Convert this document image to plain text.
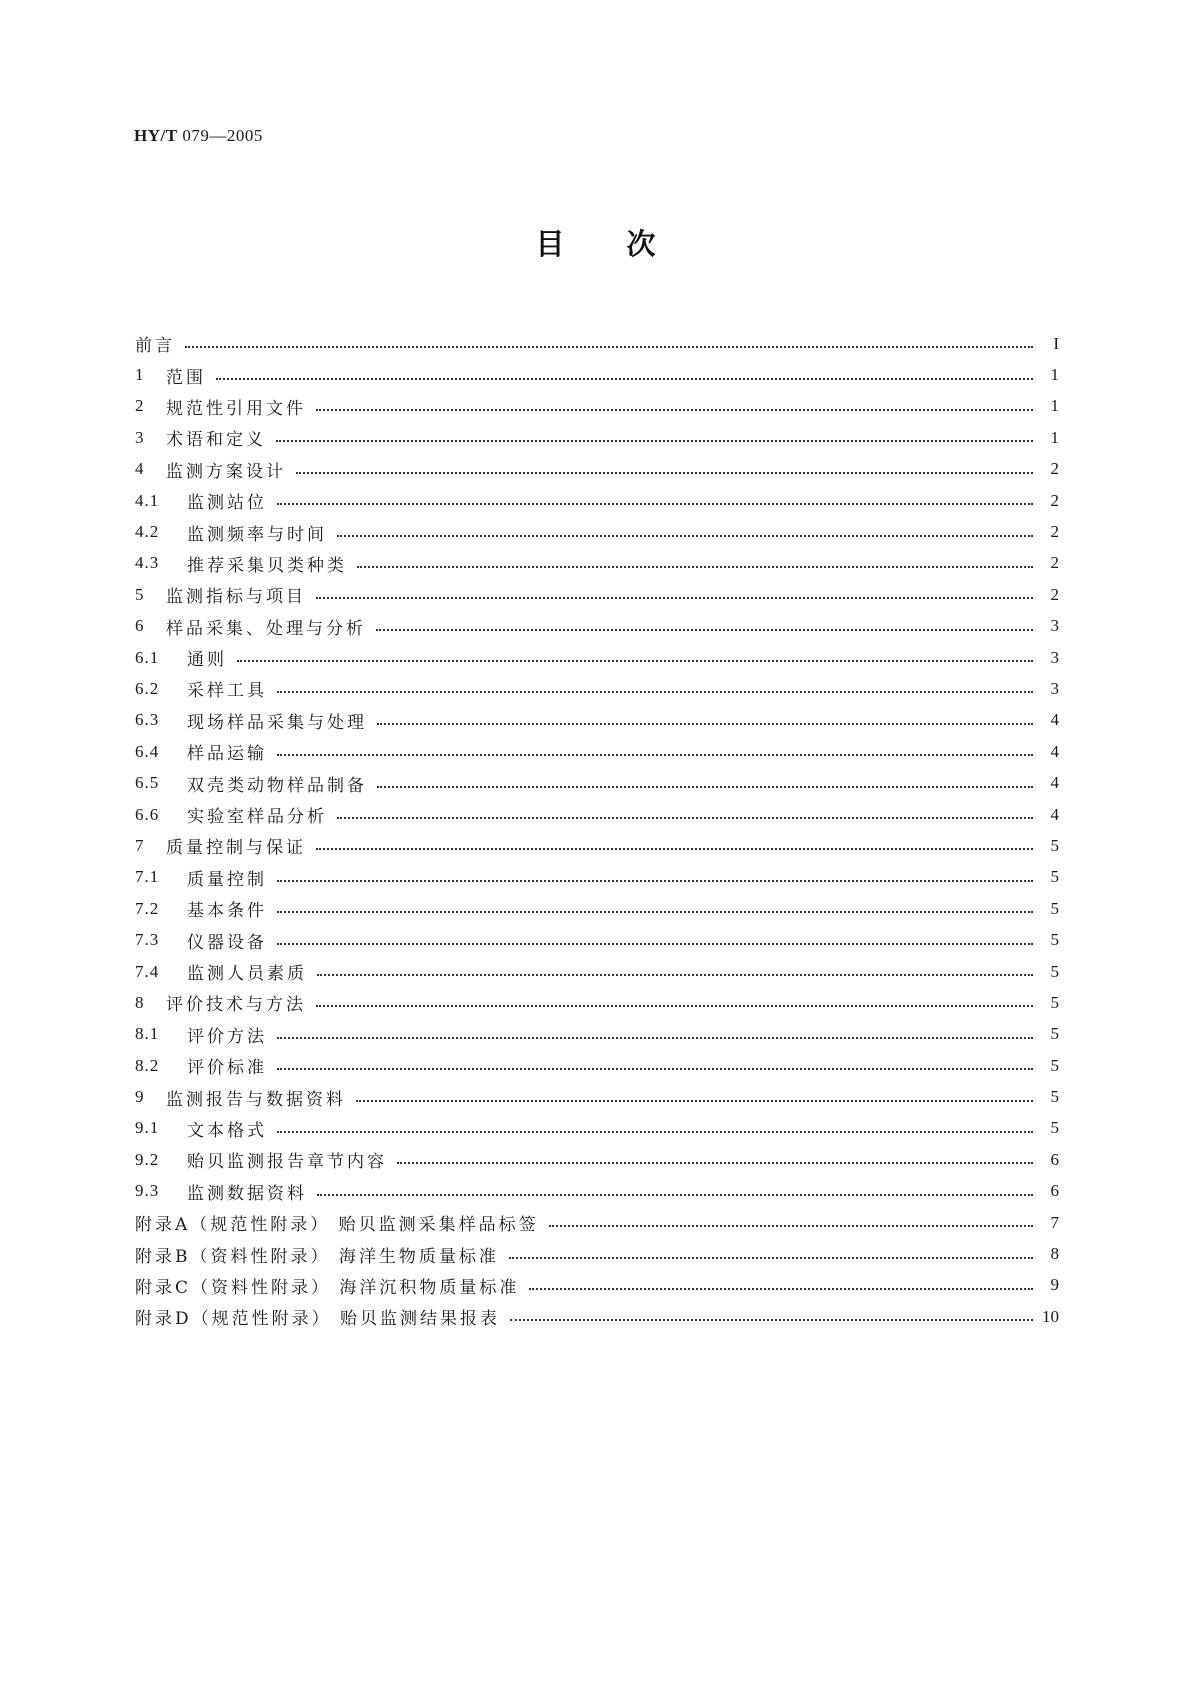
HY/T 079—2005
目次
前言	I
1	范围	1
2	规范性引用文件	1
3	术语和定义	1
4	监测方案设计	2
4.1	监测站位	2
4.2	监测频率与时间	2
4.3	推荐采集贝类种类	2
5	监测指标与项目	2
6	样品采集、处理与分析	3
6.1	通则	3
6.2	采样工具	3
6.3	现场样品采集与处理	4
6.4	样品运输	4
6.5	双壳类动物样品制备	4
6.6	实验室样品分析	4
7	质量控制与保证	5
7.1	质量控制	5
7.2	基本条件	5
7.3	仪器设备	5
7.4	监测人员素质	5
8	评价技术与方法	5
8.1	评价方法	5
8.2	评价标准	5
9	监测报告与数据资料	5
9.1	文本格式	5
9.2	贻贝监测报告章节内容	6
9.3	监测数据资料	6
附录A（规范性附录） 贻贝监测采集样品标签	7
附录B（资料性附录） 海洋生物质量标准	8
附录C（资料性附录） 海洋沉积物质量标准	9
附录D（规范性附录） 贻贝监测结果报表	10
